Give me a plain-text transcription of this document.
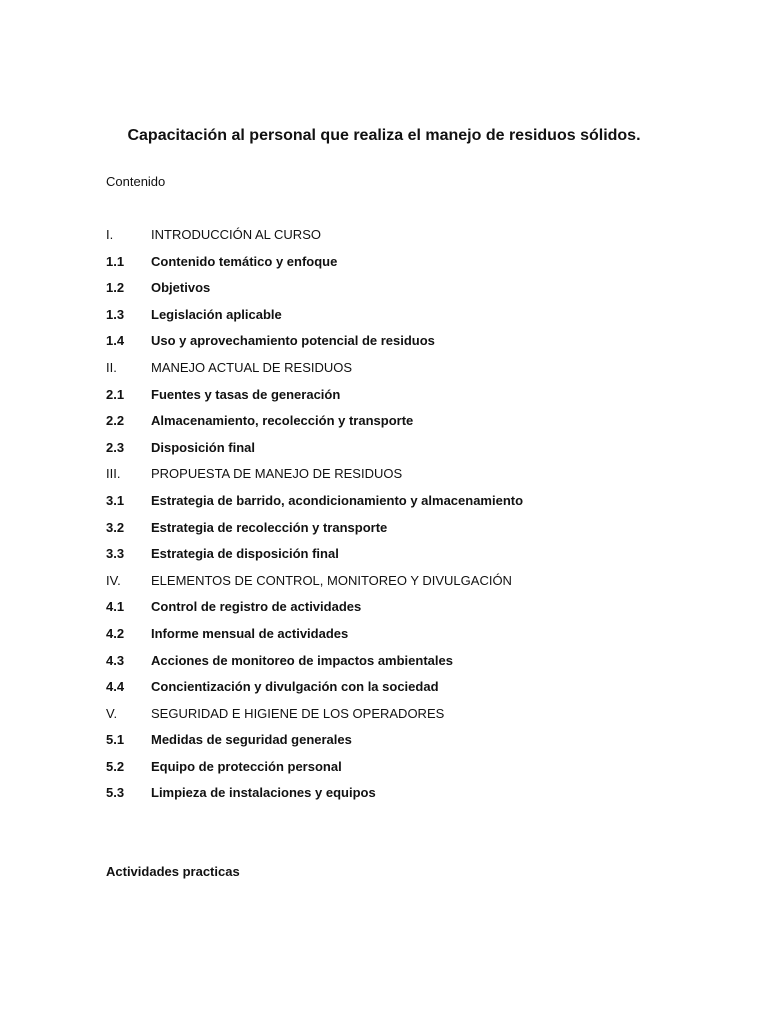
Capacitación al personal que realiza el manejo de residuos sólidos.
Contenido
I.	INTRODUCCIÓN AL CURSO
1.1	Contenido temático y enfoque
1.2	Objetivos
1.3	Legislación aplicable
1.4	Uso y aprovechamiento potencial de residuos
II.	MANEJO ACTUAL DE RESIDUOS
2.1	Fuentes y tasas de generación
2.2	Almacenamiento, recolección y transporte
2.3	Disposición final
III.	PROPUESTA DE MANEJO DE RESIDUOS
3.1	Estrategia de barrido, acondicionamiento y almacenamiento
3.2	Estrategia de recolección y transporte
3.3	Estrategia de disposición final
IV.	ELEMENTOS DE CONTROL, MONITOREO Y DIVULGACIÓN
4.1	Control de registro de actividades
4.2	Informe mensual de actividades
4.3	Acciones de monitoreo de impactos ambientales
4.4	Concientización y divulgación con la sociedad
V.	SEGURIDAD E HIGIENE DE LOS OPERADORES
5.1	Medidas de seguridad generales
5.2	Equipo de protección personal
5.3	Limpieza de instalaciones y equipos
Actividades practicas
